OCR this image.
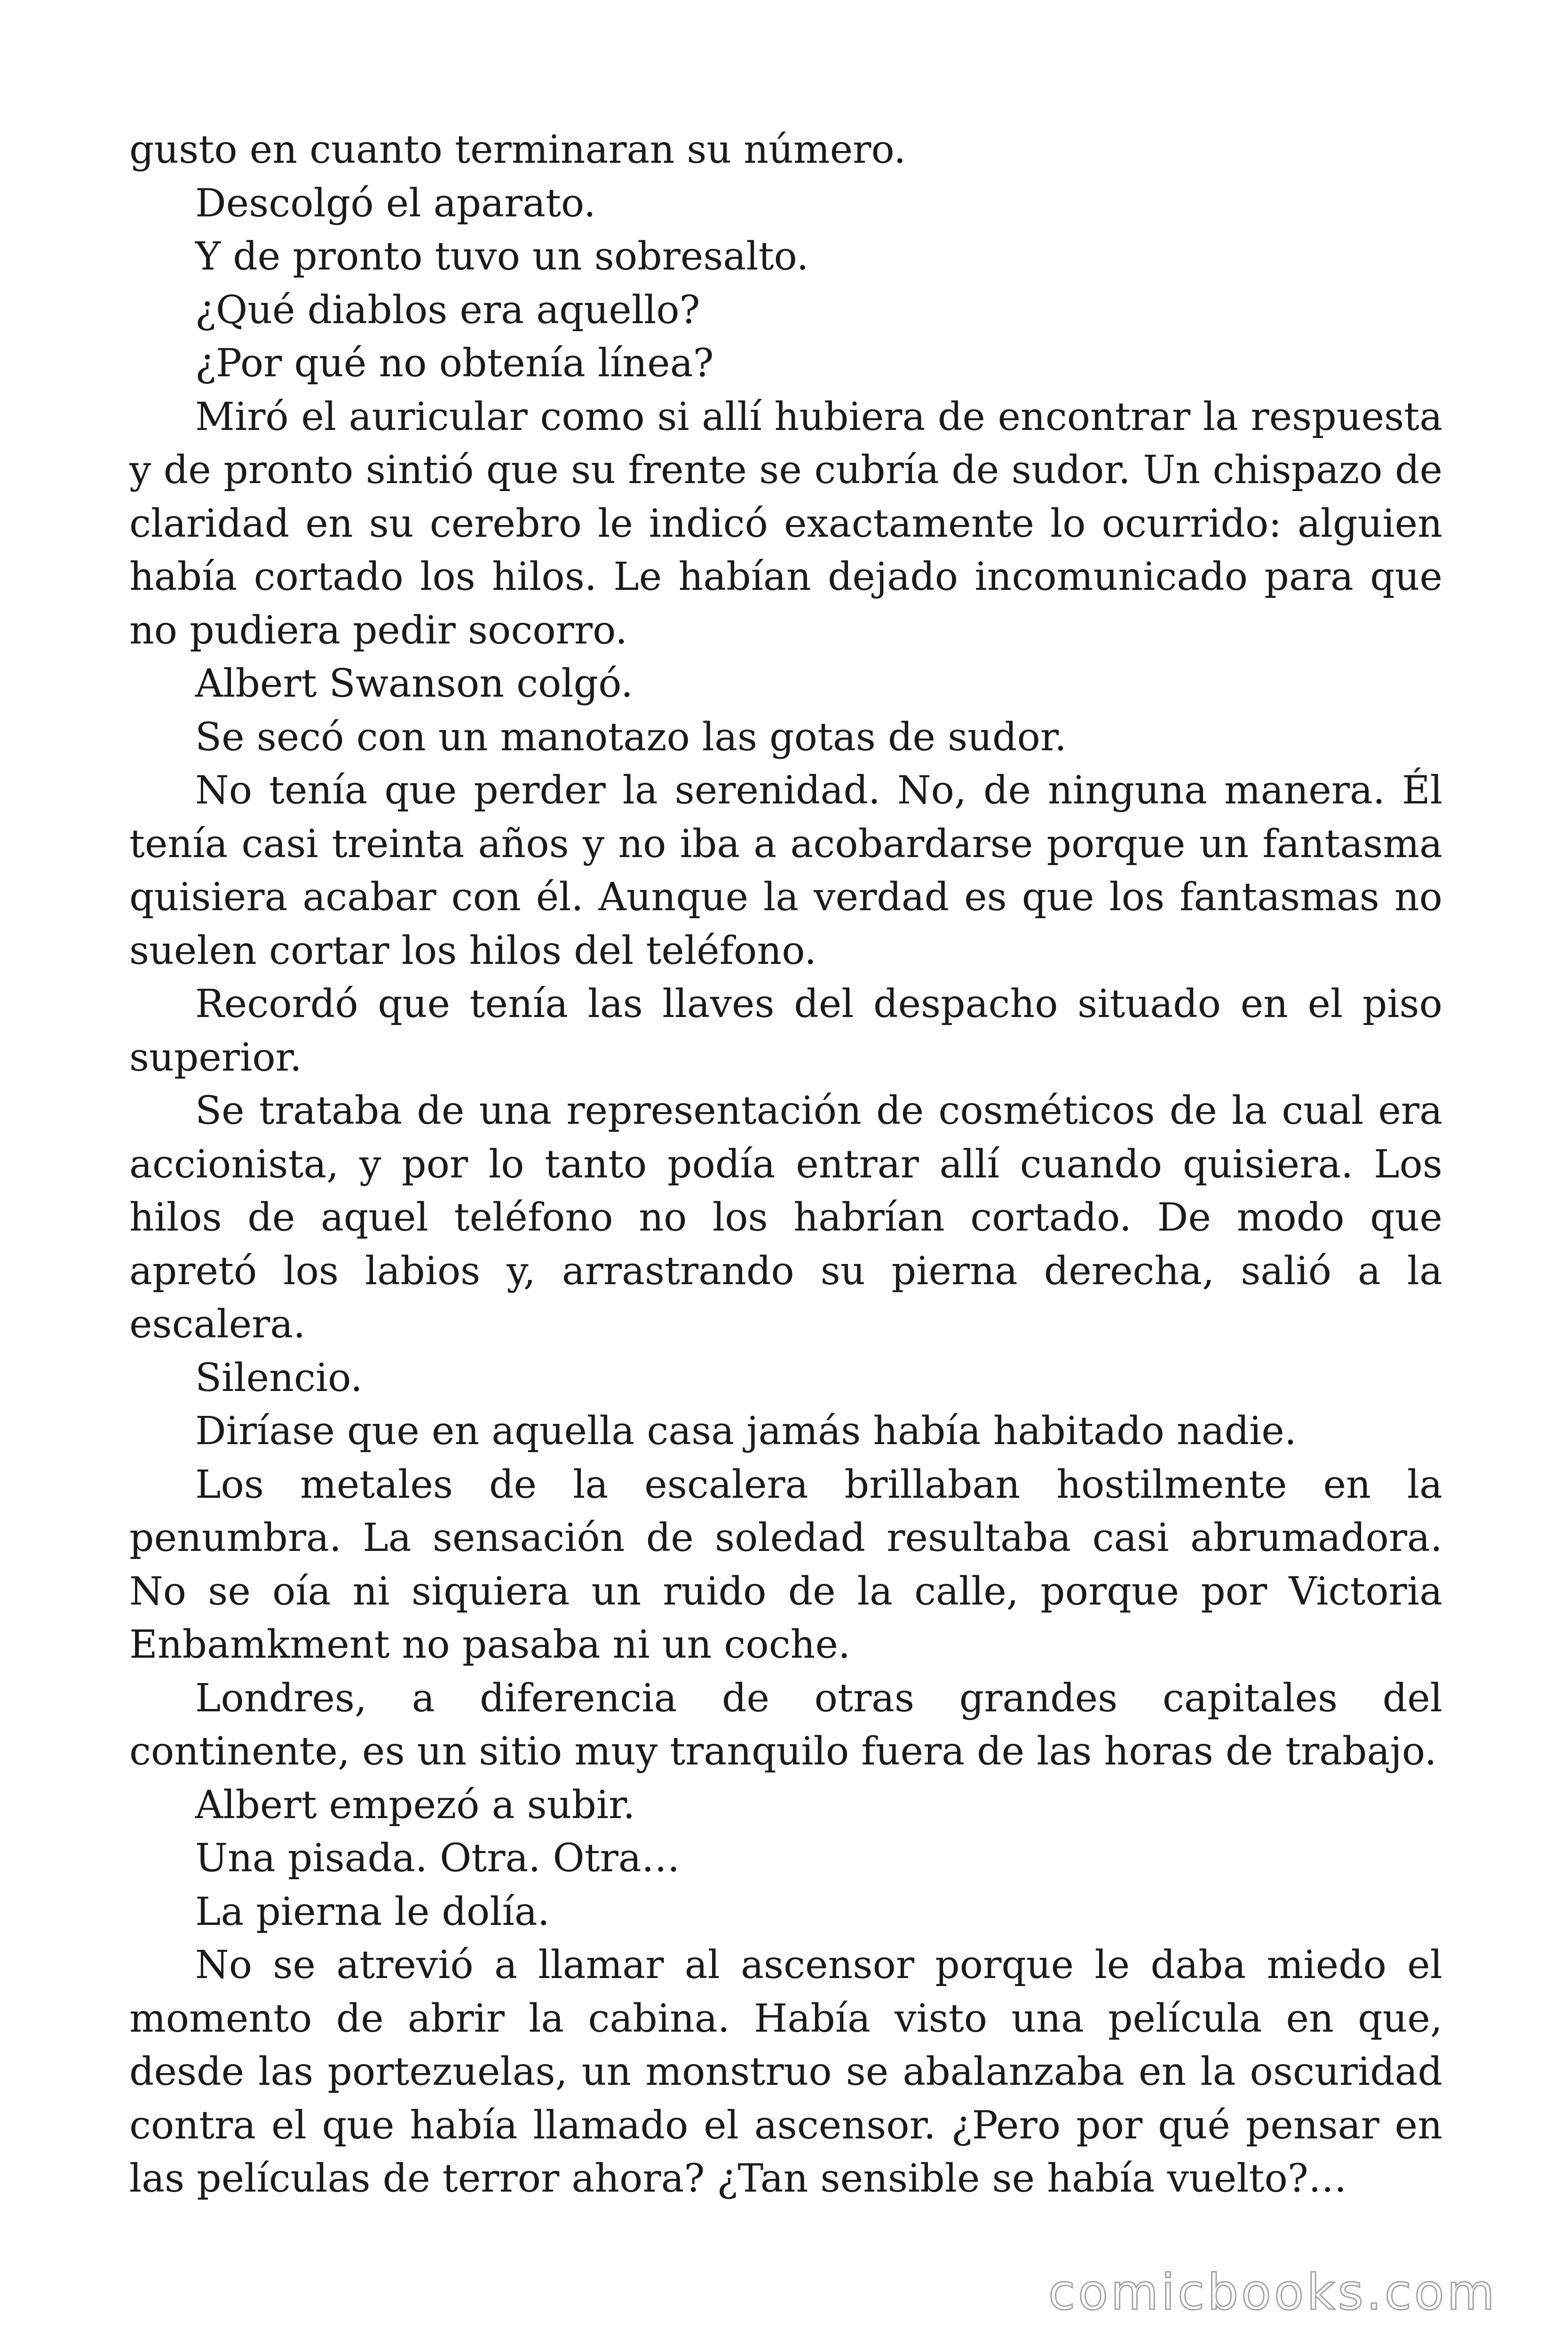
gusto en cuanto terminaran su número.

Descolgó el aparato.

Y de pronto tuvo un sobresalto.

¿Qué diablos era aquello?

¿Por qué no obtenía línea?

Miró el auricular como si allí hubiera de encontrar la respuesta y de pronto sintió que su frente se cubría de sudor. Un chispazo de claridad en su cerebro le indicó exactamente lo ocurrido: alguien había cortado los hilos. Le habían dejado incomunicado para que no pudiera pedir socorro.

Albert Swanson colgó.

Se secó con un manotazo las gotas de sudor.

No tenía que perder la serenidad. No, de ninguna manera. Él tenía casi treinta años y no iba a acobardarse porque un fantasma quisiera acabar con él. Aunque la verdad es que los fantasmas no suelen cortar los hilos del teléfono.

Recordó que tenía las llaves del despacho situado en el piso superior.

Se trataba de una representación de cosméticos de la cual era accionista, y por lo tanto podía entrar allí cuando quisiera. Los hilos de aquel teléfono no los habrían cortado. De modo que apretó los labios y, arrastrando su pierna derecha, salió a la escalera.

Silencio.

Diríase que en aquella casa jamás había habitado nadie.

Los metales de la escalera brillaban hostilmente en la penumbra. La sensación de soledad resultaba casi abrumadora. No se oía ni siquiera un ruido de la calle, porque por Victoria Enbamkment no pasaba ni un coche.

Londres, a diferencia de otras grandes capitales del continente, es un sitio muy tranquilo fuera de las horas de trabajo.

Albert empezó a subir.

Una pisada. Otra. Otra…

La pierna le dolía.

No se atrevió a llamar al ascensor porque le daba miedo el momento de abrir la cabina. Había visto una película en que, desde las portezuelas, un monstruo se abalanzaba en la oscuridad contra el que había llamado el ascensor. ¿Pero por qué pensar en las películas de terror ahora? ¿Tan sensible se había vuelto?…

comicbooks.com
